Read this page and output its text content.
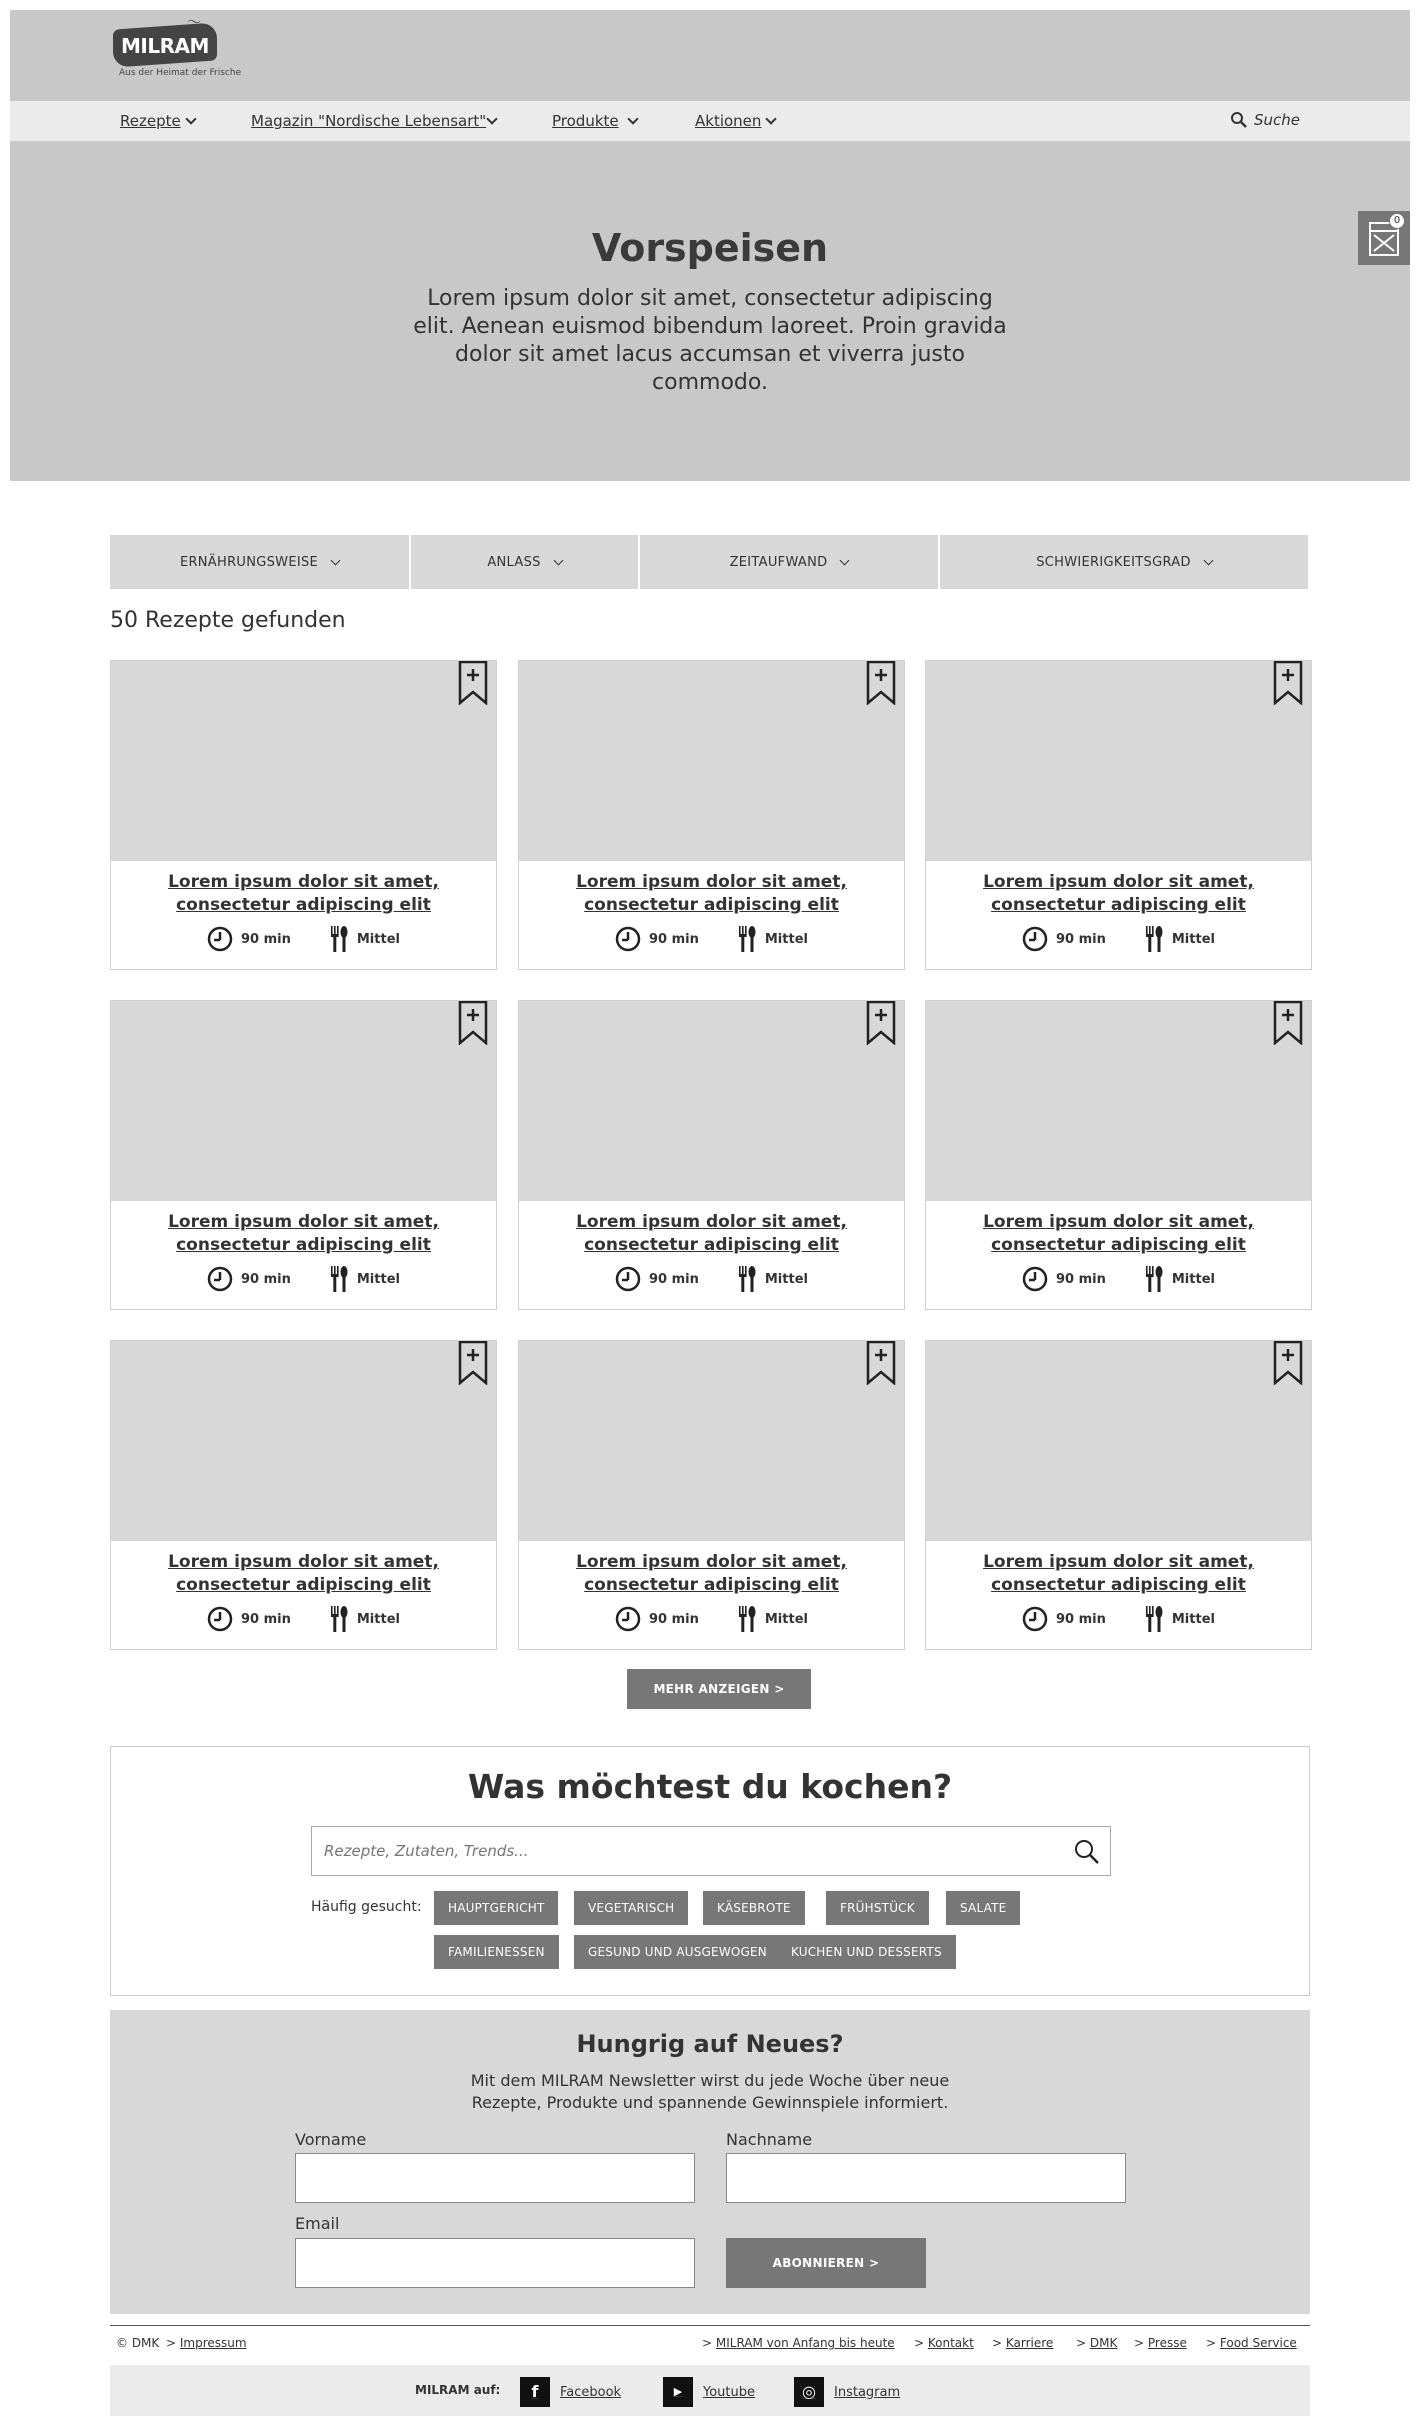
〜
MILRAM
Aus der Heimat der Frische
Rezepte	Magazin "Nordische Lebensart"	Produkte	Aktionen	Suche
Vorspeisen
Lorem ipsum dolor sit amet, consectetur adipiscing elit. Aenean euismod bibendum laoreet. Proin gravida dolor sit amet lacus accumsan et viverra justo commodo.
0
ERNÄHRUNGSWEISE	ANLASS	ZEITAUFWAND	SCHWIERIGKEITSGRAD
50 Rezepte gefunden
Lorem ipsum dolor sit amet, consectetur adipiscing elit
90 min	Mittel
Lorem ipsum dolor sit amet, consectetur adipiscing elit
90 min	Mittel
Lorem ipsum dolor sit amet, consectetur adipiscing elit
90 min	Mittel
Lorem ipsum dolor sit amet, consectetur adipiscing elit
90 min	Mittel
Lorem ipsum dolor sit amet, consectetur adipiscing elit
90 min	Mittel
Lorem ipsum dolor sit amet, consectetur adipiscing elit
90 min	Mittel
Lorem ipsum dolor sit amet, consectetur adipiscing elit
90 min	Mittel
Lorem ipsum dolor sit amet, consectetur adipiscing elit
90 min	Mittel
Lorem ipsum dolor sit amet, consectetur adipiscing elit
90 min	Mittel
MEHR ANZEIGEN >
Was möchtest du kochen?
Rezepte, Zutaten, Trends...
Häufig gesucht:	HAUPTGERICHT	VEGETARISCH	KÄSEBROTE	FRÜHSTÜCK	SALATE
FAMILIENESSEN	GESUND UND AUSGEWOGEN	KUCHEN UND DESSERTS
Hungrig auf Neues?
Mit dem MILRAM Newsletter wirst du jede Woche über neue Rezepte, Produkte und spannende Gewinnspiele informiert.
Vorname	Nachname
Email
ABONNIEREN >
© DMK > Impressum	> MILRAM von Anfang bis heute > Kontakt > Karriere > DMK > Presse > Food Service
MILRAM auf:	f	Facebook	▶	Youtube	◎	Instagram
